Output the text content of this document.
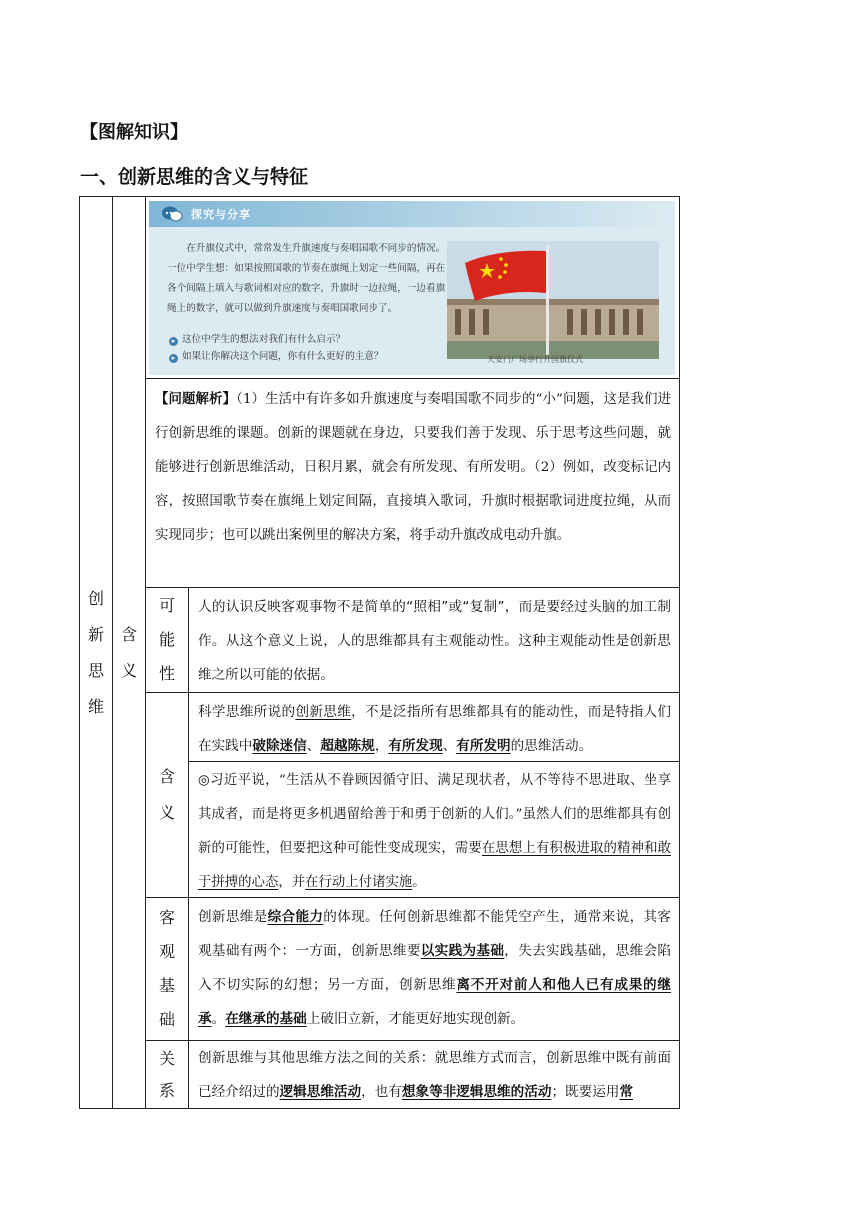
【图解知识】
一、创新思维的含义与特征
创
新
思
维
含
义
探究与分享
在升旗仪式中，常常发生升旗速度与奏唱国歌不同步的情况。一位中学生想：如果按照国歌的节奏在旗绳上划定一些间隔，再在各个间隔上填入与歌词相对应的数字，升旗时一边拉绳，一边看旗绳上的数字，就可以做到升旗速度与奏唱国歌同步了。
▸ 这位中学生的想法对我们有什么启示？
▸ 如果让你解决这个问题，你有什么更好的主意？	天安门广场举行升国旗仪式
【问题解析】（1）生活中有许多如升旗速度与奏唱国歌不同步的“小”问题，这是我们进行创新思维的课题。创新的课题就在身边，只要我们善于发现、乐于思考这些问题，就能够进行创新思维活动，日积月累，就会有所发现、有所发明。（2）例如，改变标记内容，按照国歌节奏在旗绳上划定间隔，直接填入歌词，升旗时根据歌词进度拉绳，从而实现同步；也可以跳出案例里的解决方案，将手动升旗改成电动升旗。
可
能
性
人的认识反映客观事物不是简单的“照相”或“复制”，而是要经过头脑的加工制作。从这个意义上说，人的思维都具有主观能动性。这种主观能动性是创新思维之所以可能的依据。
含
义
科学思维所说的创新思维，不是泛指所有思维都具有的能动性，而是特指人们在实践中破除迷信、超越陈规，有所发现、有所发明的思维活动。
◎习近平说，“生活从不眷顾因循守旧、满足现状者，从不等待不思进取、坐享其成者，而是将更多机遇留给善于和勇于创新的人们。”虽然人们的思维都具有创新的可能性，但要把这种可能性变成现实，需要在思想上有积极进取的精神和敢于拼搏的心态，并在行动上付诸实施。
客
观
基
础
创新思维是综合能力的体现。任何创新思维都不能凭空产生，通常来说，其客观基础有两个：一方面，创新思维要以实践为基础，失去实践基础，思维会陷入不切实际的幻想；另一方面，创新思维离不开对前人和他人已有成果的继承。在继承的基础上破旧立新，才能更好地实现创新。
关
系
创新思维与其他思维方法之间的关系：就思维方式而言，创新思维中既有前面已经介绍过的逻辑思维活动，也有想象等非逻辑思维的活动；既要运用常
